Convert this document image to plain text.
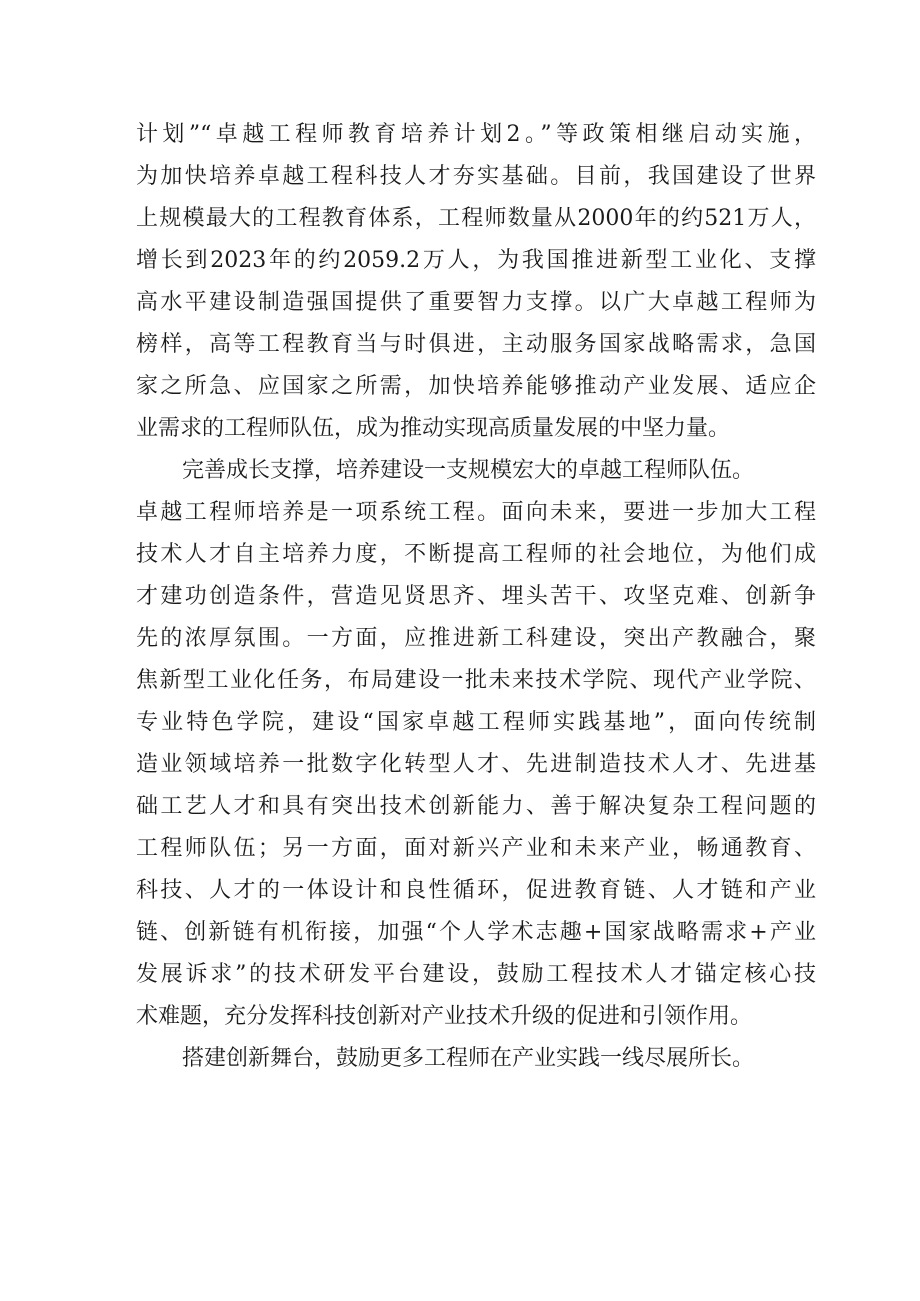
计划”“卓越工程师教育培养计划2。”等政策相继启动实施，
为加快培养卓越工程科技人才夯实基础。目前，我国建设了世界
上规模最大的工程教育体系，工程师数量从2000年的约521万人，
增长到2023年的约2059.2万人，为我国推进新型工业化、支撑
高水平建设制造强国提供了重要智力支撑。以广大卓越工程师为
榜样，高等工程教育当与时俱进，主动服务国家战略需求，急国
家之所急、应国家之所需，加快培养能够推动产业发展、适应企
业需求的工程师队伍，成为推动实现高质量发展的中坚力量。
完善成长支撑，培养建设一支规模宏大的卓越工程师队伍。
卓越工程师培养是一项系统工程。面向未来，要进一步加大工程
技术人才自主培养力度，不断提高工程师的社会地位，为他们成
才建功创造条件，营造见贤思齐、埋头苦干、攻坚克难、创新争
先的浓厚氛围。一方面，应推进新工科建设，突出产教融合，聚
焦新型工业化任务，布局建设一批未来技术学院、现代产业学院、
专业特色学院，建设“国家卓越工程师实践基地”，面向传统制
造业领域培养一批数字化转型人才、先进制造技术人才、先进基
础工艺人才和具有突出技术创新能力、善于解决复杂工程问题的
工程师队伍；另一方面，面对新兴产业和未来产业，畅通教育、
科技、人才的一体设计和良性循环，促进教育链、人才链和产业
链、创新链有机衔接，加强“个人学术志趣+国家战略需求+产业
发展诉求”的技术研发平台建设，鼓励工程技术人才锚定核心技
术难题，充分发挥科技创新对产业技术升级的促进和引领作用。
搭建创新舞台，鼓励更多工程师在产业实践一线尽展所长。
